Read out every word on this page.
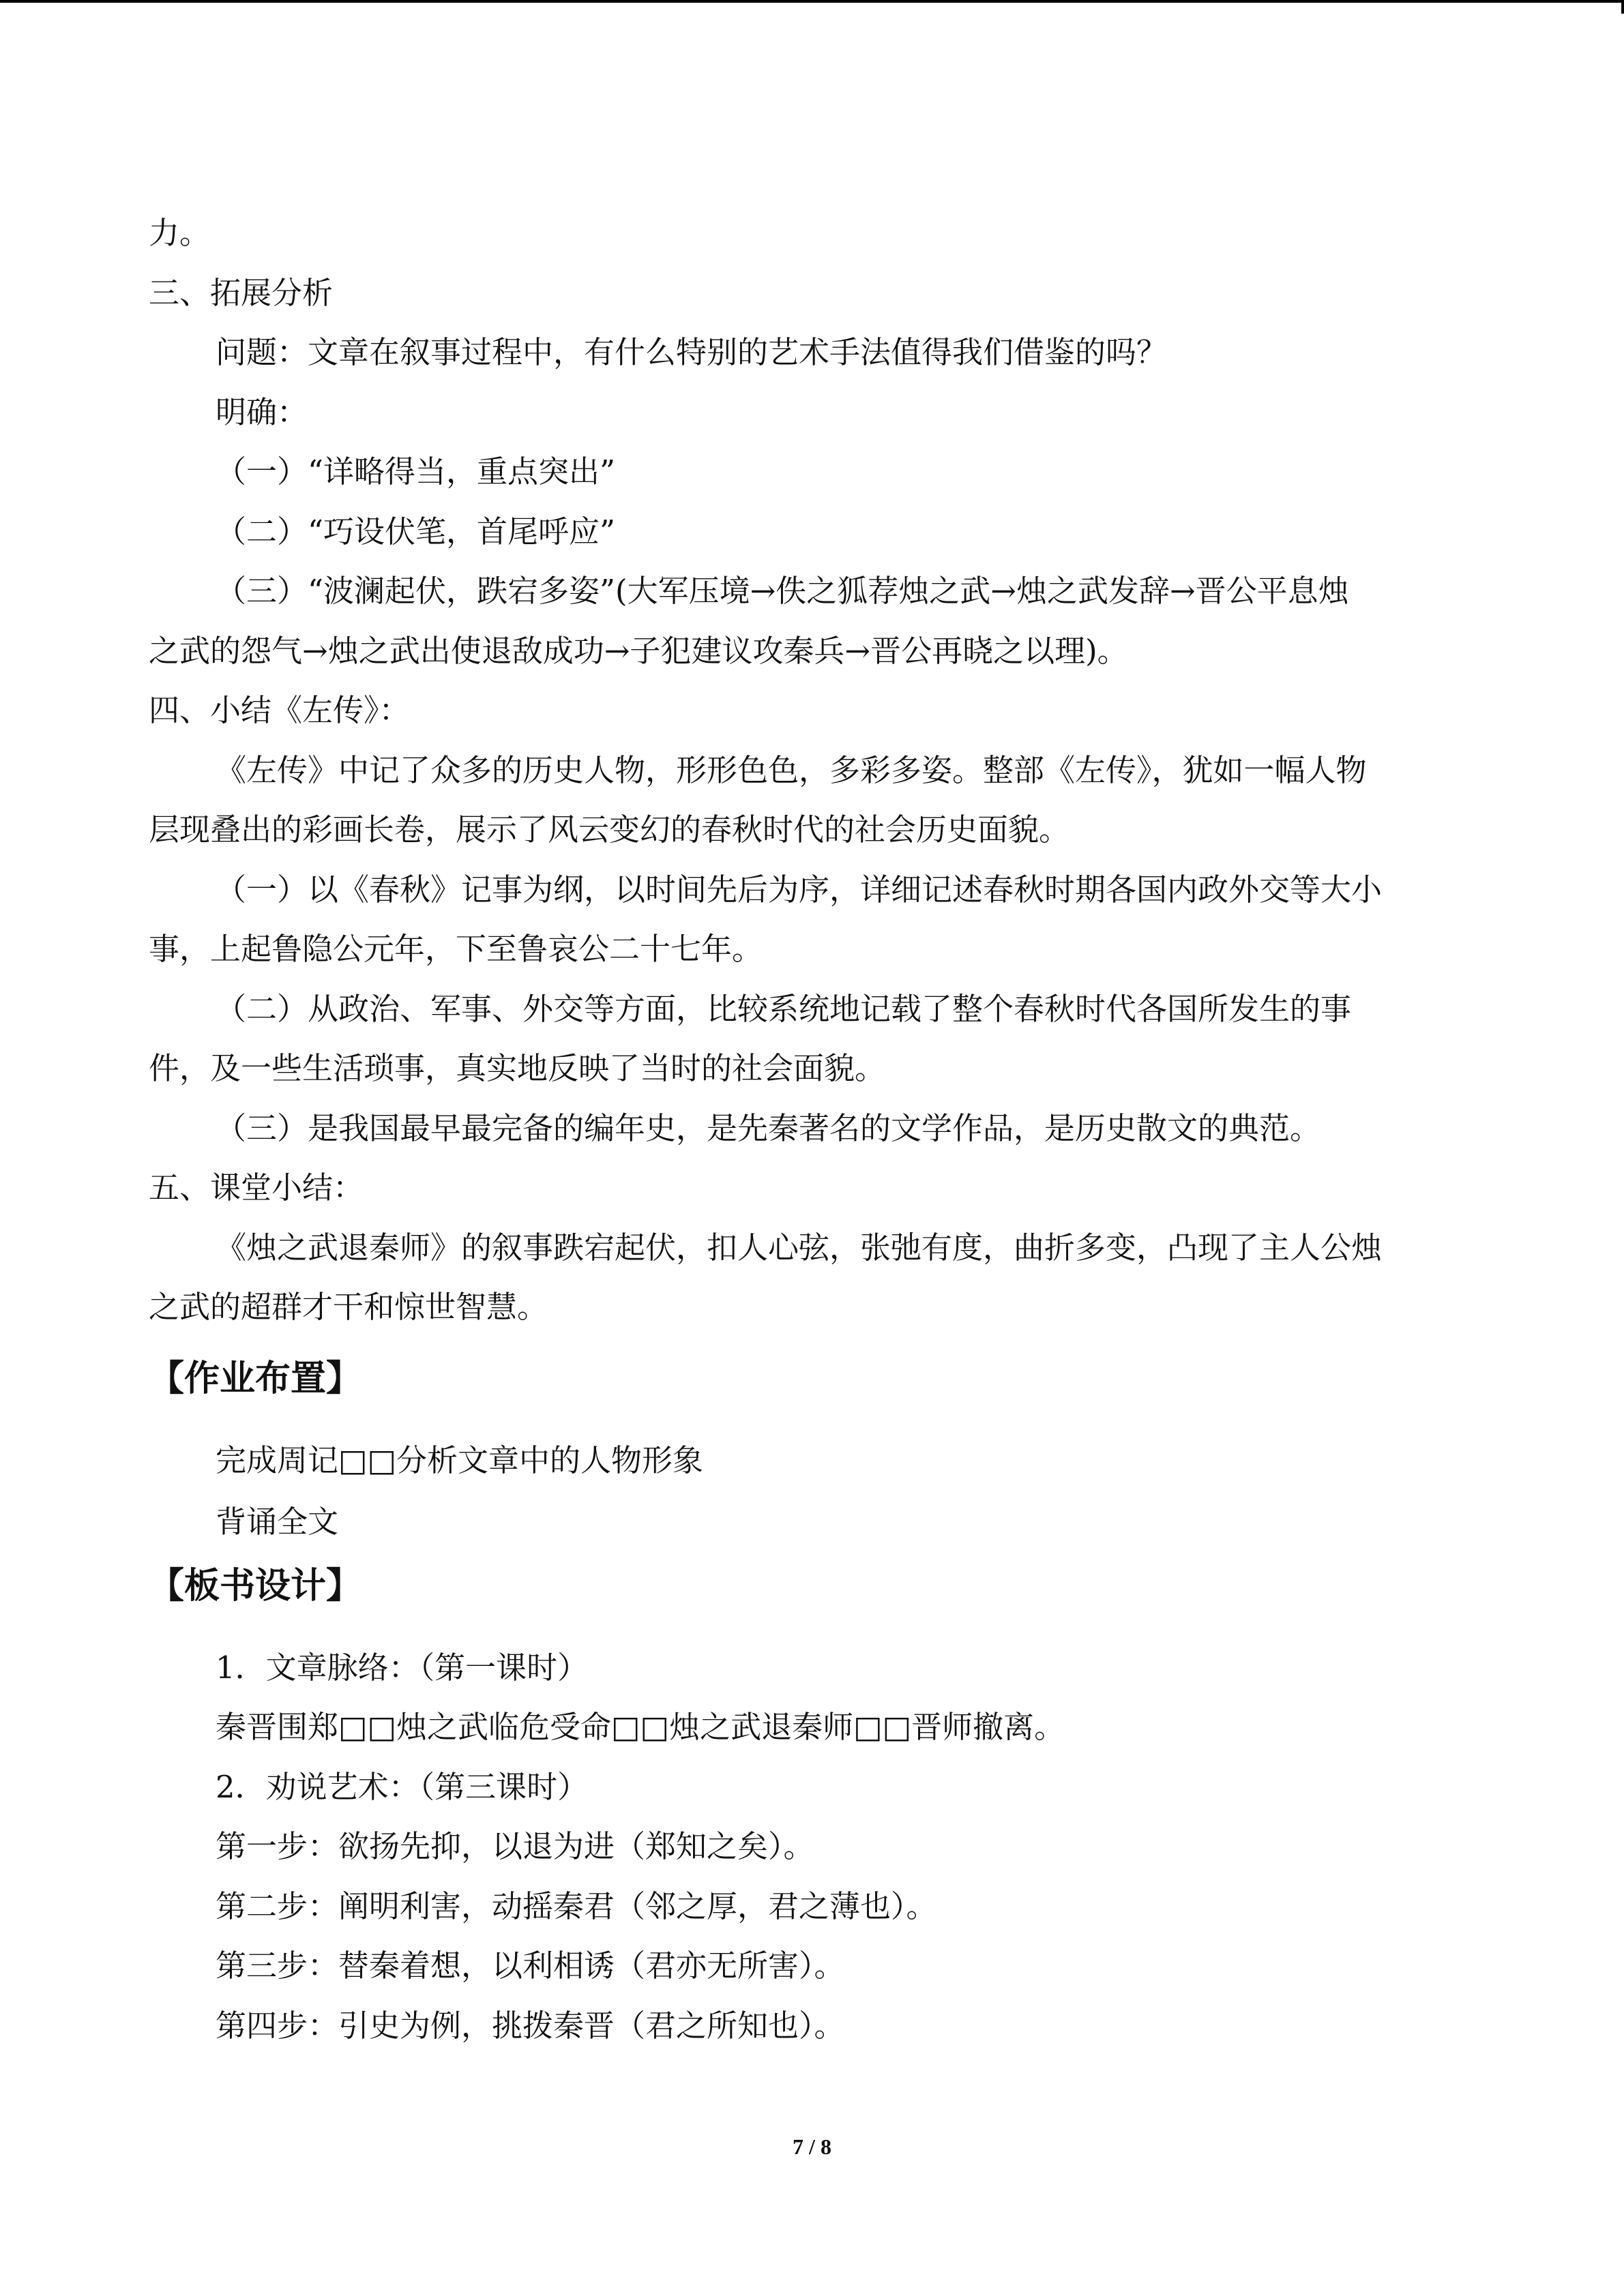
力。

三、拓展分析

问题：文章在叙事过程中，有什么特别的艺术手法值得我们借鉴的吗？

明确：

（一）“详略得当，重点突出”

（二）“巧设伏笔，首尾呼应”

（三）“波澜起伏，跌宕多姿”(大军压境→佚之狐荐烛之武→烛之武发辞→晋公平息烛

之武的怨气→烛之武出使退敌成功→子犯建议攻秦兵→晋公再晓之以理)。

四、小结《左传》：

《左传》中记了众多的历史人物，形形色色，多彩多姿。整部《左传》，犹如一幅人物

层现叠出的彩画长卷，展示了风云变幻的春秋时代的社会历史面貌。

（一）以《春秋》记事为纲，以时间先后为序，详细记述春秋时期各国内政外交等大小

事，上起鲁隐公元年，下至鲁哀公二十七年。

（二）从政治、军事、外交等方面，比较系统地记载了整个春秋时代各国所发生的事

件，及一些生活琐事，真实地反映了当时的社会面貌。

（三）是我国最早最完备的编年史，是先秦著名的文学作品，是历史散文的典范。

五、课堂小结：

《烛之武退秦师》的叙事跌宕起伏，扣人心弦，张弛有度，曲折多变，凸现了主人公烛

之武的超群才干和惊世智慧。

【作业布置】

完成周记□□分析文章中的人物形象

背诵全文

【板书设计】

1．文章脉络：（第一课时）

秦晋围郑□□烛之武临危受命□□烛之武退秦师□□晋师撤离。

2．劝说艺术：（第三课时）

第一步：欲扬先抑，以退为进（郑知之矣）。

第二步：阐明利害，动摇秦君（邻之厚，君之薄也）。

第三步：替秦着想，以利相诱（君亦无所害）。

第四步：引史为例，挑拨秦晋（君之所知也）。

7 / 8
